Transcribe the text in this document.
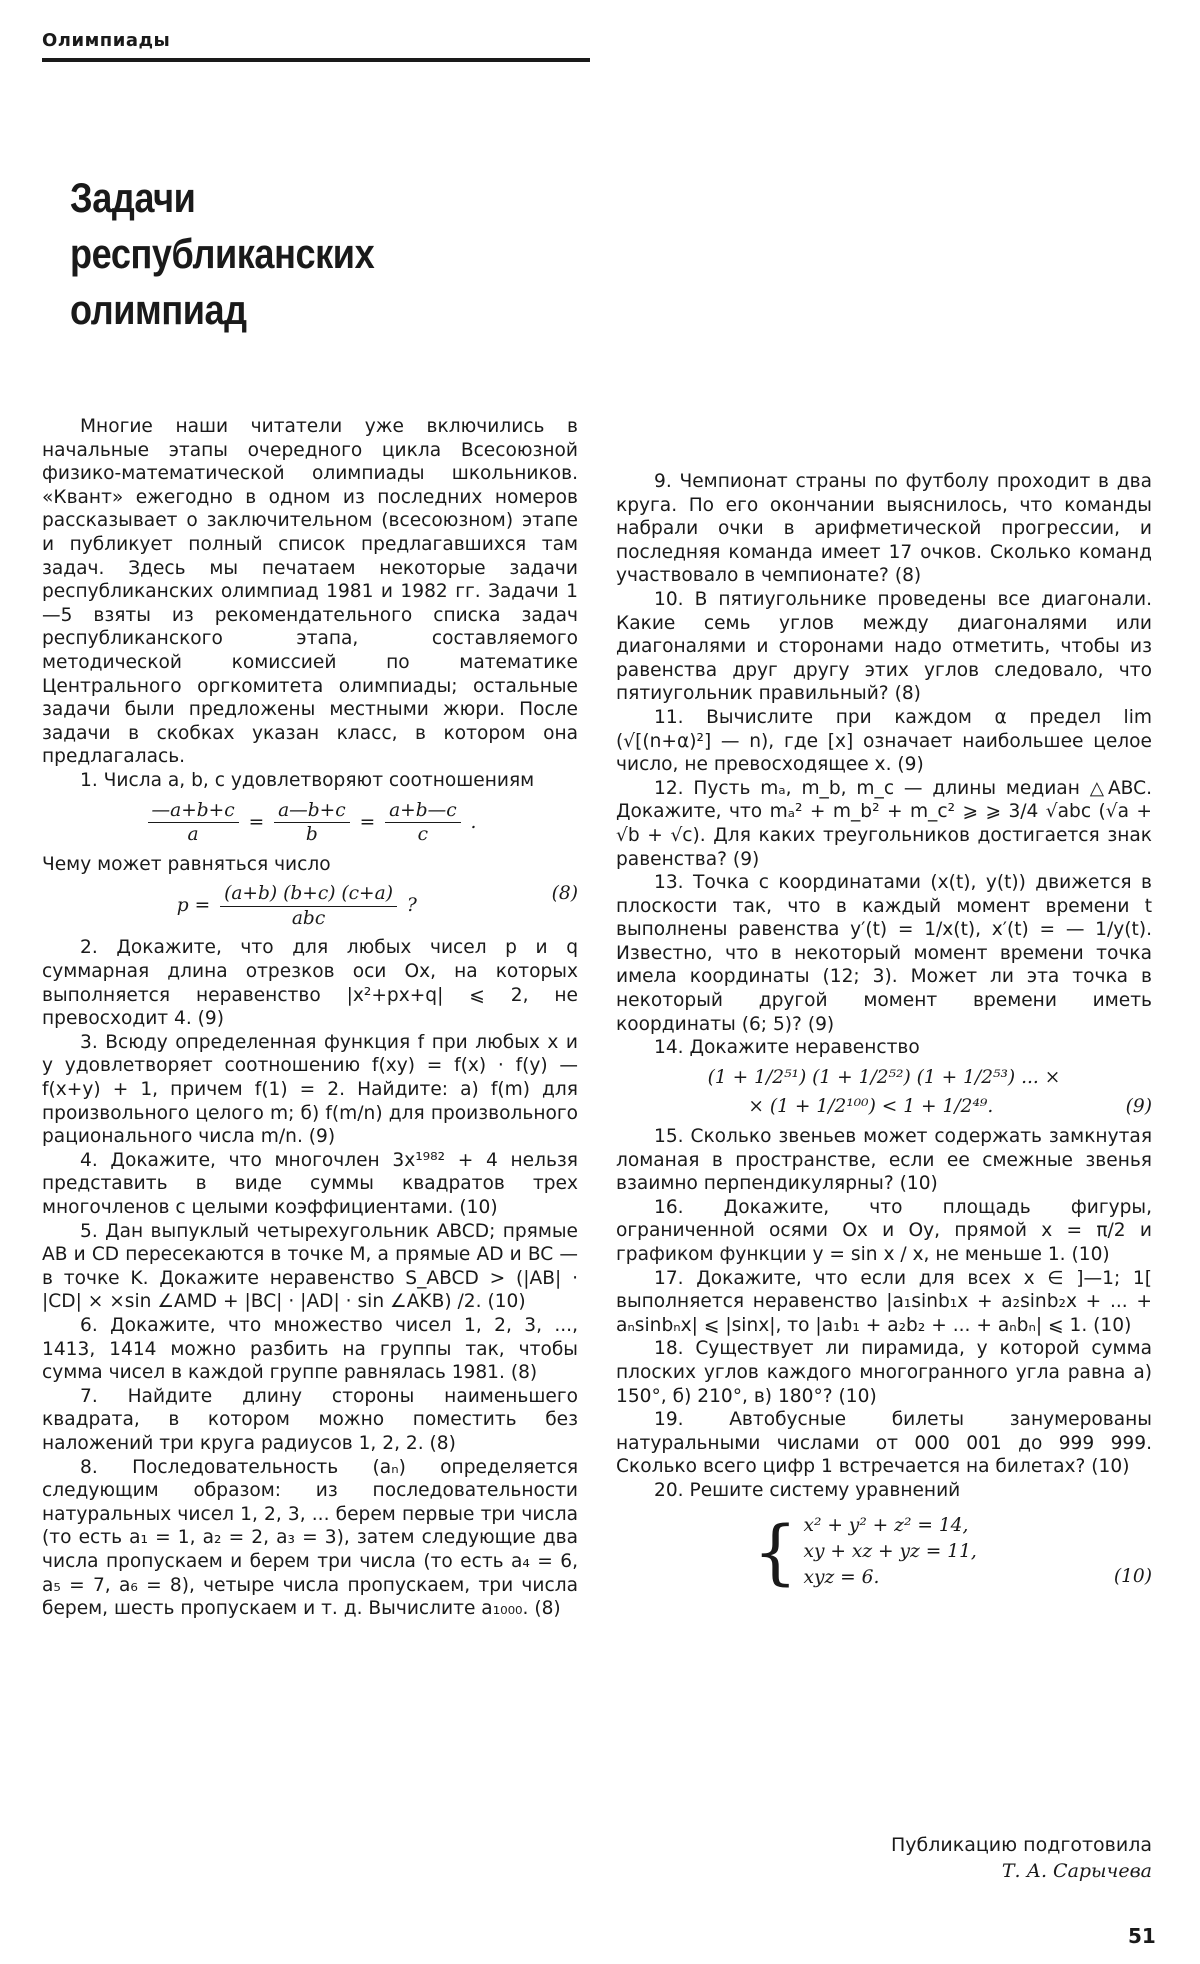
Олимпиады
Задачи
республиканских
олимпиад

Многие наши читатели уже включились в начальные этапы очередного цикла Всесоюзной физико-математической олимпиады школьников. «Квант» ежегодно в одном из последних номеров рассказывает о заключительном (всесоюзном) этапе и публикует полный список предлагавшихся там задач. Здесь мы печатаем некоторые задачи республиканских олимпиад 1981 и 1982 гг. Задачи 1—5 взяты из рекомендательного списка задач республиканского этапа, составляемого методической комиссией по математике Центрального оргкомитета олимпиады; остальные задачи были предложены местными жюри. После задачи в скобках указан класс, в котором она предлагалась.

1. Числа a, b, c удовлетворяют соотношениям

$\frac{—a+b+c}{a} = \frac{a—b+c}{b} = \frac{a+b—c}{c}$ .

Чему может равняться число

$p = \frac{(a+b) (b+c) (c+a)}{\text{abc}}$ ?
(8)

2. Докажите, что для любых чисел p и q суммарная длина отрезков оси Ox, на которых выполняется неравенство |x²+px+q| ⩽ 2, не превосходит 4. (9)

3. Всюду определенная функция f при любых x и y удовлетворяет соотношению f(xy) = f(x) · f(y) — f(x+y) + 1, причем f(1) = 2. Найдите: а) f(m) для произвольного целого m; б) f(m/n) для произвольного рационального числа m/n. (9)

4. Докажите, что многочлен 3x¹⁹⁸² + 4 нельзя представить в виде суммы квадратов трех многочленов с целыми коэффициентами. (10)

5. Дан выпуклый четырехугольник ABCD; прямые AB и CD пересекаются в точке M, а прямые AD и BC — в точке K. Докажите неравенство S_ABCD > (|AB| · |CD| × ×sin ∠AMD + |BC| · |AD| · sin ∠AKB) /2. (10)

6. Докажите, что множество чисел 1, 2, 3, ..., 1413, 1414 можно разбить на группы так, чтобы сумма чисел в каждой группе равнялась 1981. (8)

7. Найдите длину стороны наименьшего квадрата, в котором можно поместить без наложений три круга радиусов 1, 2, 2. (8)

8. Последовательность (aₙ) определяется следующим образом: из последовательности натуральных чисел 1, 2, 3, ... берем первые три числа (то есть a₁ = 1, a₂ = 2, a₃ = 3), затем следующие два числа пропускаем и берем три числа (то есть a₄ = 6, a₅ = 7, a₆ = 8), четыре числа пропускаем, три числа берем, шесть пропускаем и т. д. Вычислите a₁₀₀₀. (8)

9. Чемпионат страны по футболу проходит в два круга. По его окончании выяснилось, что команды набрали очки в арифметической прогрессии, и последняя команда имеет 17 очков. Сколько команд участвовало в чемпионате? (8)

10. В пятиугольнике проведены все диагонали. Какие семь углов между диагоналями или диагоналями и сторонами надо отметить, чтобы из равенства друг другу этих углов следовало, что пятиугольник правильный? (8)

11. Вычислите при каждом α предел lim (√[(n+α)²] — n), где [x] означает наибольшее целое число, не превосходящее x. (9)

12. Пусть mₐ, m_b, m_c — длины медиан △ABC. Докажите, что mₐ² + m_b² + m_c² ⩾ ⩾ 3/4 √abc (√a + √b + √c). Для каких треугольников достигается знак равенства? (9)

13. Точка с координатами (x(t), y(t)) движется в плоскости так, что в каждый момент времени t выполнены равенства y′(t) = 1/x(t), x′(t) = — 1/y(t). Известно, что в некоторый момент времени точка имела координаты (12; 3). Может ли эта точка в некоторый другой момент времени иметь координаты (6; 5)? (9)

14. Докажите неравенство

(1 + 1/2⁵¹) (1 + 1/2⁵²) (1 + 1/2⁵³) ... ×
× (1 + 1/2¹⁰⁰) < 1 + 1/2⁴⁹.	(9)

15. Сколько звеньев может содержать замкнутая ломаная в пространстве, если ее смежные звенья взаимно перпендикулярны? (10)

16. Докажите, что площадь фигуры, ограниченной осями Ox и Oy, прямой x = π/2 и графиком функции y = sin x / x, не меньше 1. (10)

17. Докажите, что если для всех x ∈ ]—1; 1[ выполняется неравенство |a₁sinb₁x + a₂sinb₂x + ... + aₙsinbₙx| ⩽ |sinx|, то |a₁b₁ + a₂b₂ + ... + aₙbₙ| ⩽ 1. (10)

18. Существует ли пирамида, у которой сумма плоских углов каждого многогранного угла равна а) 150°, б) 210°, в) 180°? (10)

19. Автобусные билеты занумерованы натуральными числами от 000 001 до 999 999. Сколько всего цифр 1 встречается на билетах? (10)

20. Решите систему уравнений

{ x² + y² + z² = 14,
xy + xz + yz = 11,
xyz = 6.	(10)
Публикацию подготовила
Т. А. Сарычева
51
